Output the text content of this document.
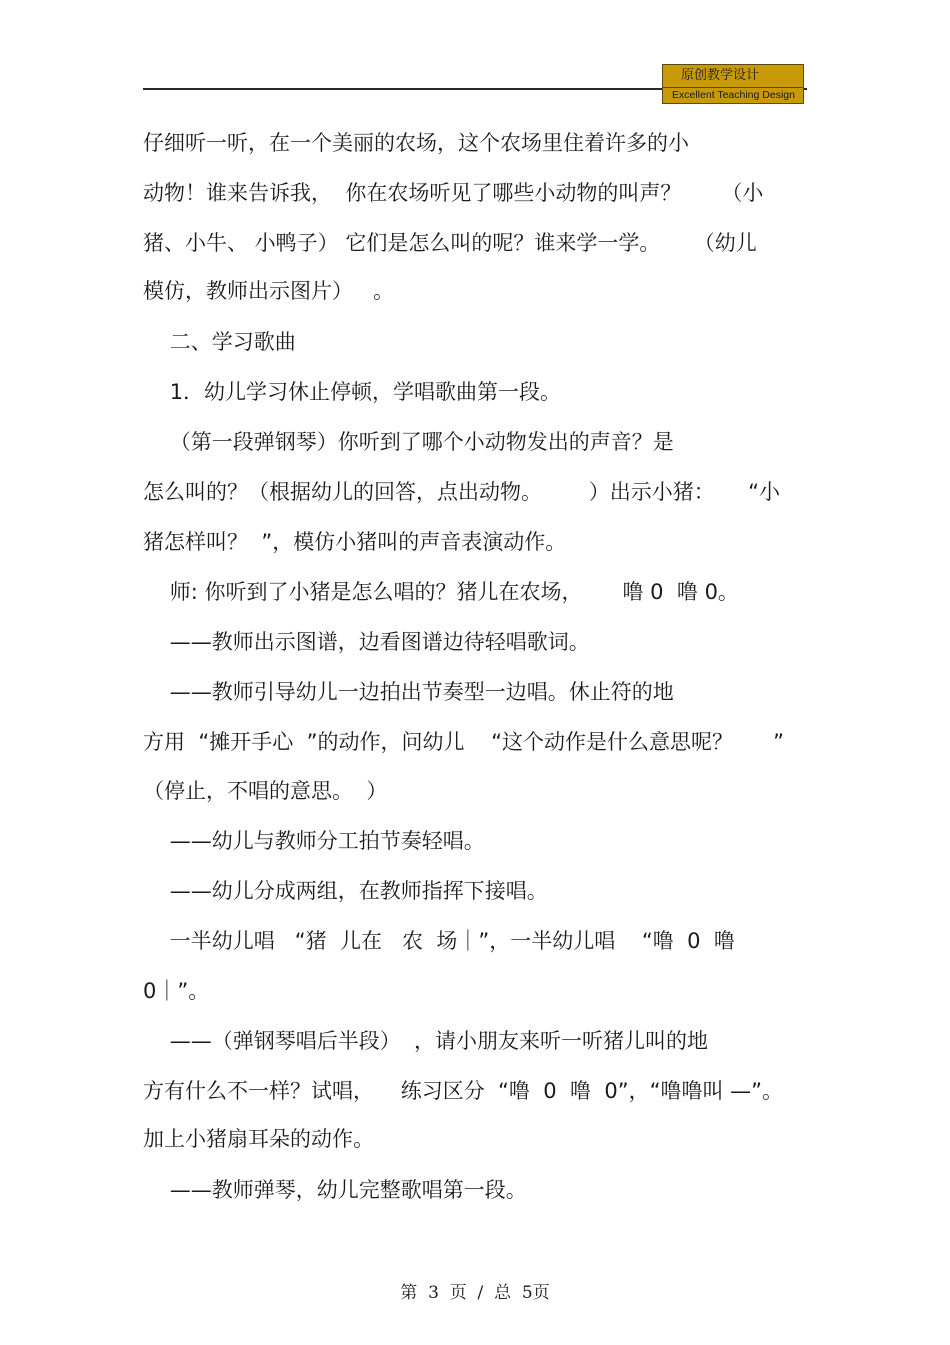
原创教学设计
Excellent Teaching Design
仔细听一听，在一个美丽的农场，这个农场里住着许多的小
动物！谁来告诉我，  你在农场听见了哪些小动物的叫声？      （小
猪、小牛、 小鸭子） 它们是怎么叫的呢？谁来学一学。     （幼儿
模仿，教师出示图片）   。
二、学习歌曲
1．幼儿学习休止停顿，学唱歌曲第一段。
（第一段弹钢琴）你听到了哪个小动物发出的声音？是
怎么叫的？（根据幼儿的回答，点出动物。       ）出示小猪：     “小
猪怎样叫？  ”，模仿小猪叫的声音表演动作。
师: 你听到了小猪是怎么唱的？猪儿在农场，      噜 0  噜 0。
——教师出示图谱，边看图谱边待轻唱歌词。
——教师引导幼儿一边拍出节奏型一边唱。休止符的地
方用  “摊开手心  ”的动作，问幼儿    “这个动作是什么意思呢？      ”
（停止，不唱的意思。  ）
——幼儿与教师分工拍节奏轻唱。
——幼儿分成两组，在教师指挥下接唱。
一半幼儿唱   “猪  儿在   农  场｜”，一半幼儿唱    “噜  0  噜
0｜”。
——（弹钢琴唱后半段）  ，请小朋友来听一听猪儿叫的地
方有什么不一样？试唱，    练习区分  “噜  0  噜  0”，“噜噜叫 —”。
加上小猪扇耳朵的动作。
——教师弹琴，幼儿完整歌唱第一段。
第  3  页  /  总  5页
